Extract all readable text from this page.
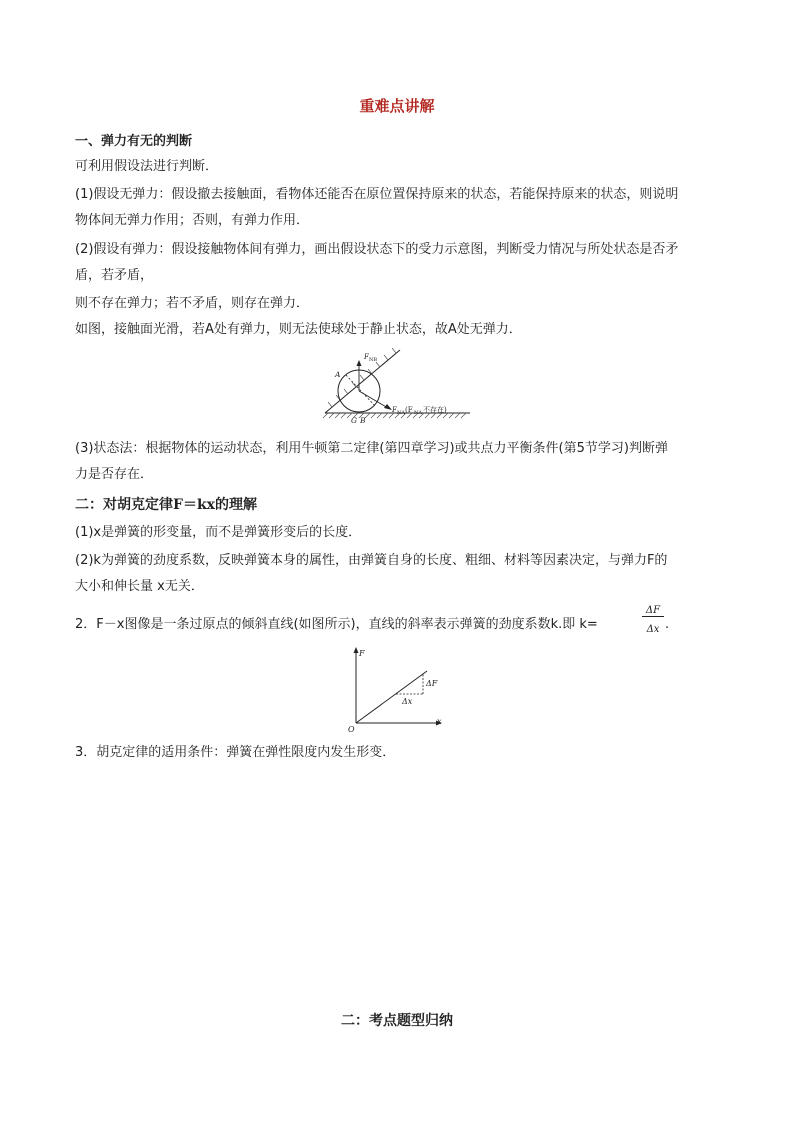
重难点讲解
一、弹力有无的判断
可利用假设法进行判断．
(1)假设无弹力：假设撤去接触面，看物体还能否在原位置保持原来的状态，若能保持原来的状态，则说明
物体间无弹力作用；否则，有弹力作用．
(2)假设有弹力：假设接触物体间有弹力，画出假设状态下的受力示意图，判断受力情况与所处状态是否矛
盾，若矛盾，
则不存在弹力；若不矛盾，则存在弹力．
如图，接触面光滑，若A处有弹力，则无法使球处于静止状态，故A处无弹力．
F NB
A
G B
F NA (F NA 不存在)
(3)状态法：根据物体的运动状态，利用牛顿第二定律(第四章学习)或共点力平衡条件(第5节学习)判断弹
力是否存在．
二：对胡克定律F＝kx的理解
(1)x是弹簧的形变量，而不是弹簧形变后的长度．
(2)k为弹簧的劲度系数，反映弹簧本身的属性，由弹簧自身的长度、粗细、材料等因素决定，与弹力F的
大小和伸长量 x无关．
2．F－x图像是一条过原点的倾斜直线(如图所示)，直线的斜率表示弹簧的劲度系数k.即 k=
ΔF
Δx .
F
x
O
ΔF
Δx
3．胡克定律的适用条件：弹簧在弹性限度内发生形变．
二：考点题型归纳
